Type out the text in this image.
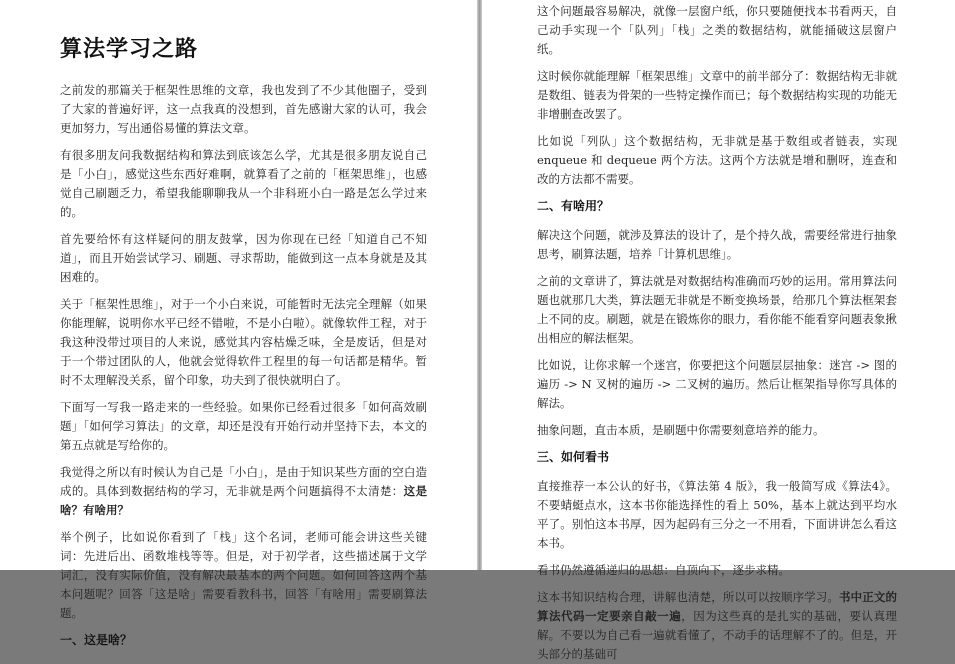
算法学习之路

之前发的那篇关于框架性思维的文章，我也发到了不少其他圈子，受到了大家的普遍好评，这一点我真的没想到，首先感谢大家的认可，我会更加努力，写出通俗易懂的算法文章。

有很多朋友问我数据结构和算法到底该怎么学，尤其是很多朋友说自己是「小白」，感觉这些东西好难啊，就算看了之前的「框架思维」，也感觉自己刷题乏力，希望我能聊聊我从一个非科班小白一路是怎么学过来的。

首先要给怀有这样疑问的朋友鼓掌，因为你现在已经「知道自己不知道」，而且开始尝试学习、刷题、寻求帮助，能做到这一点本身就是及其困难的。

关于「框架性思维」，对于一个小白来说，可能暂时无法完全理解（如果你能理解，说明你水平已经不错啦，不是小白啦）。就像软件工程，对于我这种没带过项目的人来说，感觉其内容枯燥乏味，全是废话，但是对于一个带过团队的人，他就会觉得软件工程里的每一句话都是精华。暂时不太理解没关系，留个印象，功夫到了很快就明白了。

下面写一写我一路走来的一些经验。如果你已经看过很多「如何高效刷题」「如何学习算法」的文章，却还是没有开始行动并坚持下去，本文的第五点就是写给你的。

我觉得之所以有时候认为自己是「小白」，是由于知识某些方面的空白造成的。具体到数据结构的学习，无非就是两个问题搞得不太清楚：这是啥？有啥用？

举个例子，比如说你看到了「栈」这个名词，老师可能会讲这些关键词：先进后出、函数堆栈等等。但是，对于初学者，这些描述属于文学词汇，没有实际价值，没有解决最基本的两个问题。如何回答这两个基本问题呢？回答「这是啥」需要看教科书，回答「有啥用」需要刷算法题。

一、这是啥？

这个问题最容易解决，就像一层窗户纸，你只要随便找本书看两天，自己动手实现一个「队列」「栈」之类的数据结构，就能捅破这层窗户纸。

这时候你就能理解「框架思维」文章中的前半部分了：数据结构无非就是数组、链表为骨架的一些特定操作而已；每个数据结构实现的功能无非增删查改罢了。

比如说「列队」这个数据结构，无非就是基于数组或者链表，实现 enqueue 和 dequeue 两个方法。这两个方法就是增和删呀，连查和改的方法都不需要。

二、有啥用？

解决这个问题，就涉及算法的设计了，是个持久战，需要经常进行抽象思考，刷算法题，培养「计算机思维」。

之前的文章讲了，算法就是对数据结构准确而巧妙的运用。常用算法问题也就那几大类，算法题无非就是不断变换场景，给那几个算法框架套上不同的皮。刷题，就是在锻炼你的眼力，看你能不能看穿问题表象揪出相应的解法框架。

比如说，让你求解一个迷宫，你要把这个问题层层抽象：迷宫 -> 图的遍历 -> N 叉树的遍历 -> 二叉树的遍历。然后让框架指导你写具体的解法。

抽象问题，直击本质，是刷题中你需要刻意培养的能力。

三、如何看书

直接推荐一本公认的好书，《算法第 4 版》，我一般简写成《算法4》。不要蜻蜓点水，这本书你能选择性的看上 50%，基本上就达到平均水平了。别怕这本书厚，因为起码有三分之一不用看，下面讲讲怎么看这本书。

看书仍然遵循递归的思想：自顶向下，逐步求精。

这本书知识结构合理，讲解也清楚，所以可以按顺序学习。书中正文的算法代码一定要亲自敲一遍，因为这些真的是扎实的基础，要认真理解。不要以为自己看一遍就看懂了，不动手的话理解不了的。但是，开头部分的基础可
